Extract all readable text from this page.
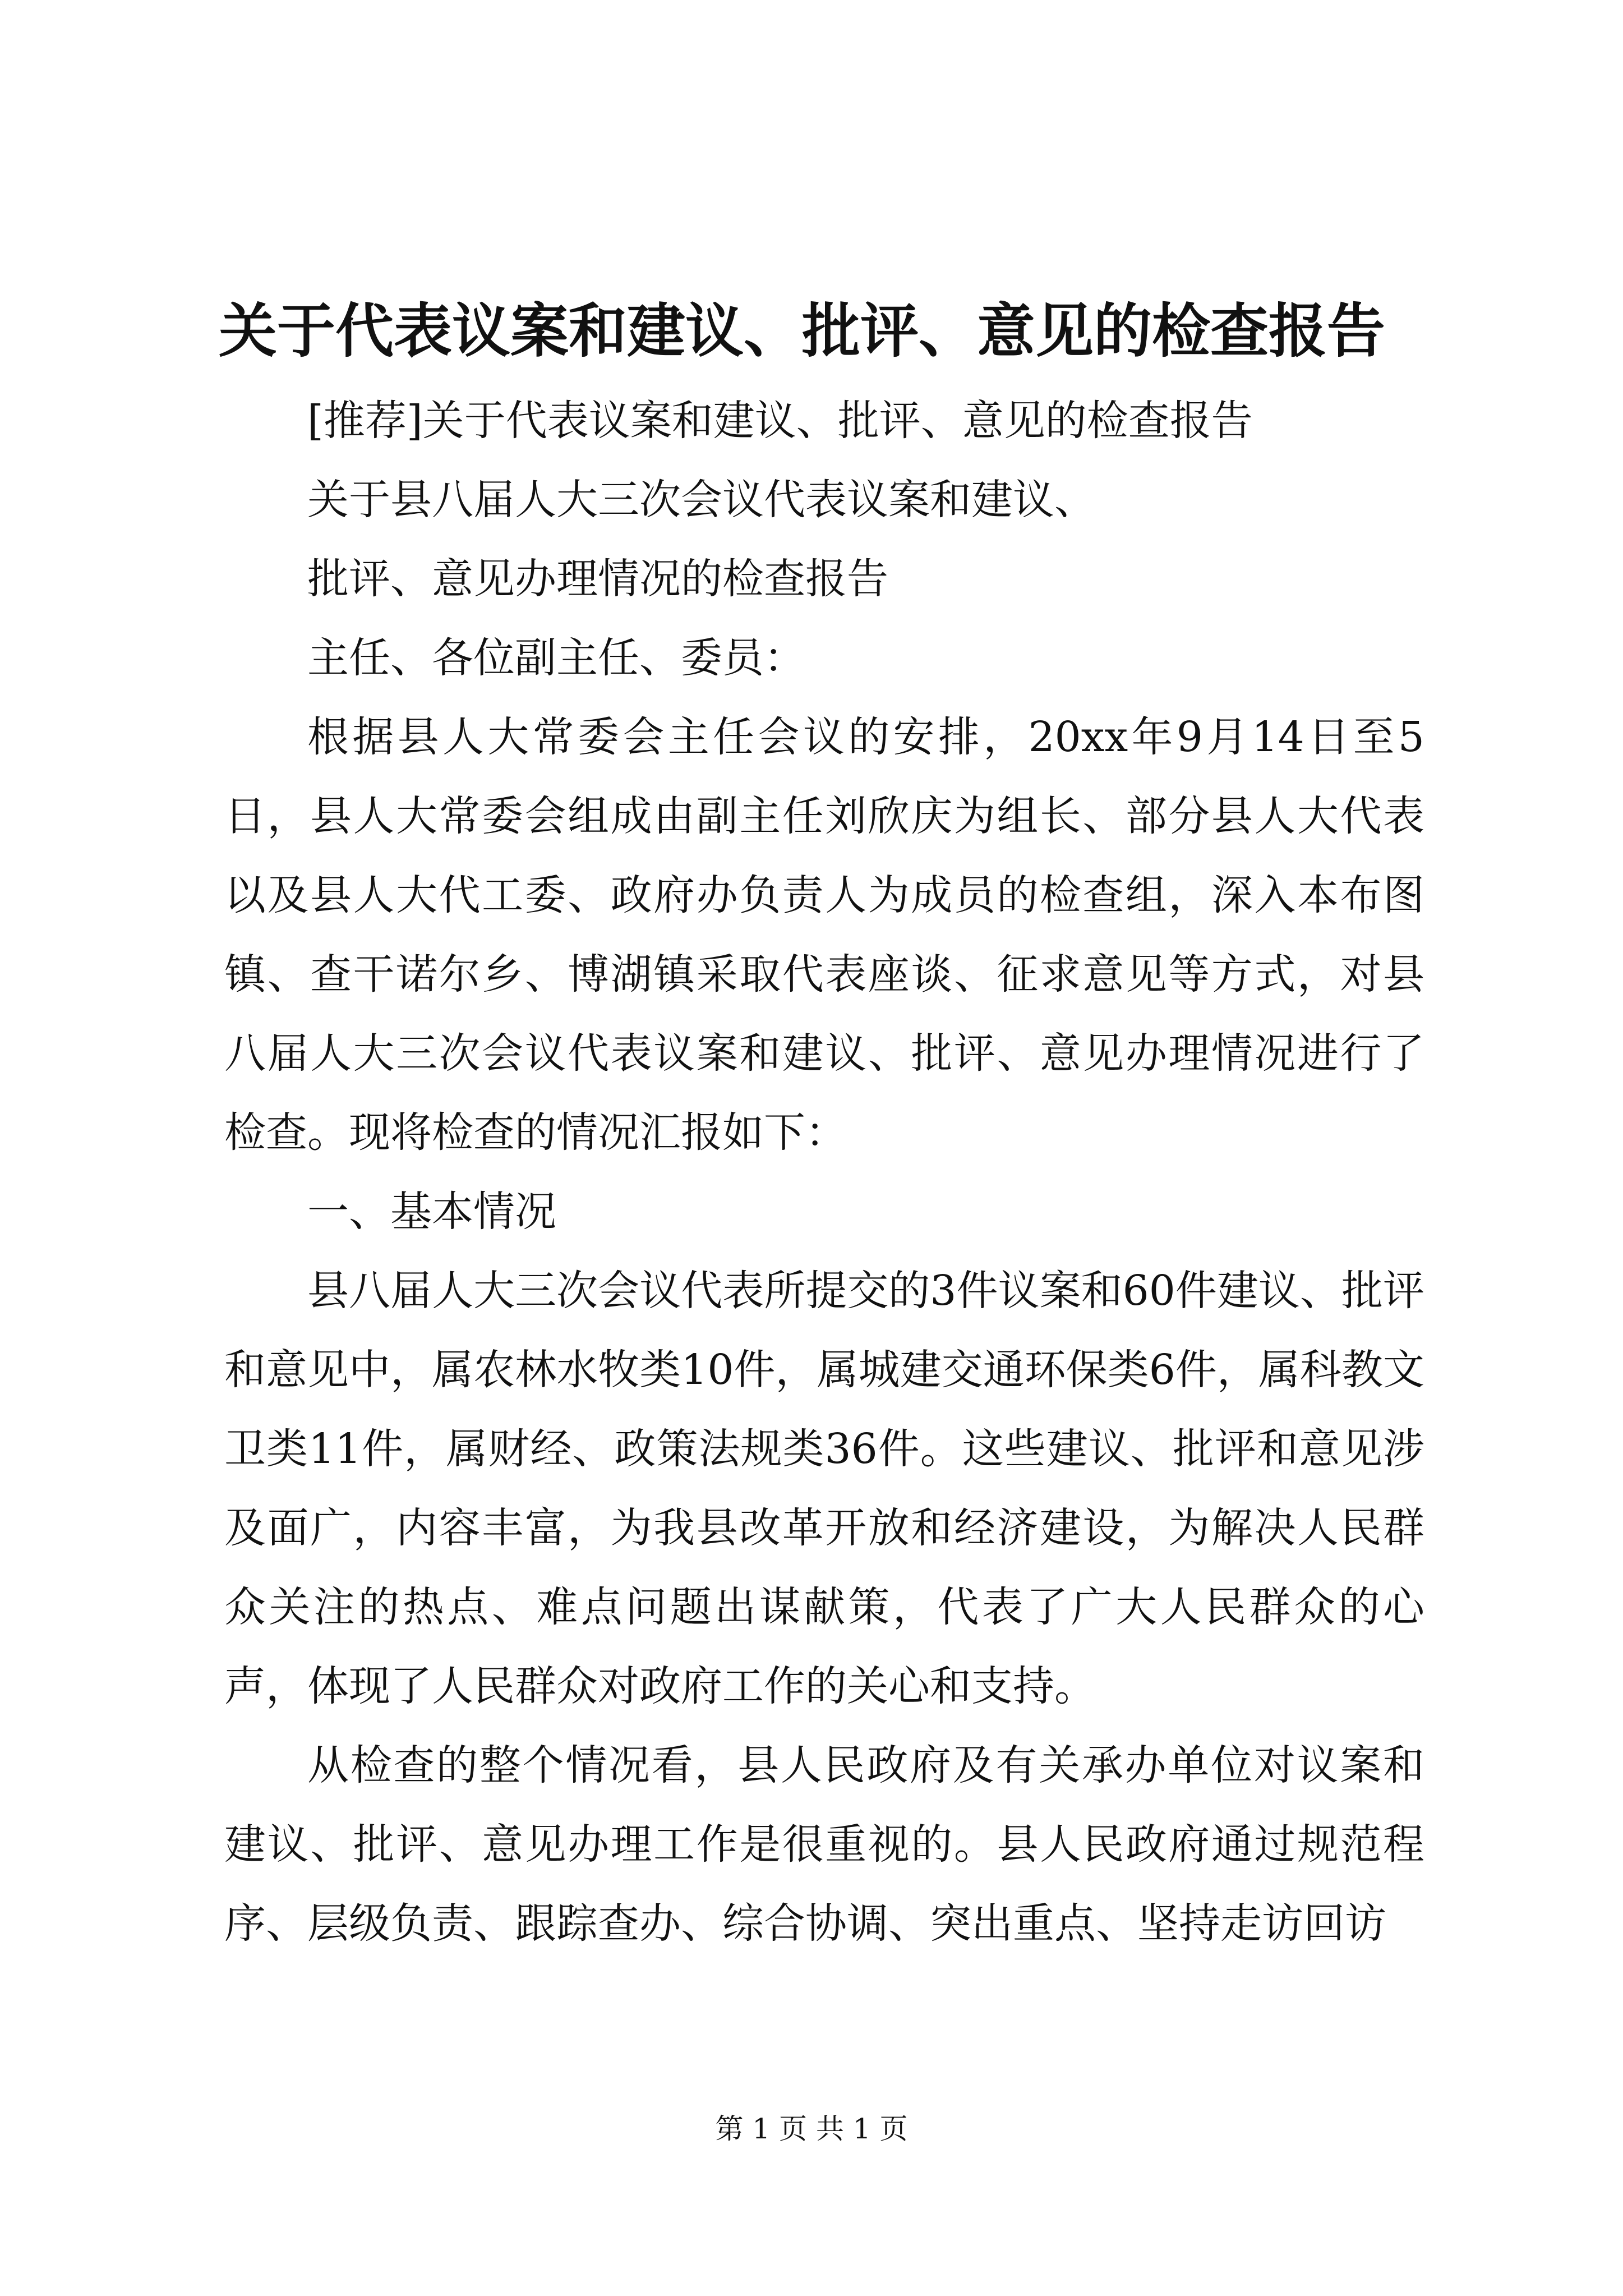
关于代表议案和建议、批评、意见的检查报告

[推荐]关于代表议案和建议、批评、意见的检查报告

关于县八届人大三次会议代表议案和建议、

批评、意见办理情况的检查报告

主任、各位副主任、委员：

根据县人大常委会主任会议的安排，20xx年9月14日至5日，县人大常委会组成由副主任刘欣庆为组长、部分县人大代表以及县人大代工委、政府办负责人为成员的检查组，深入本布图镇、查干诺尔乡、博湖镇采取代表座谈、征求意见等方式，对县八届人大三次会议代表议案和建议、批评、意见办理情况进行了检查。现将检查的情况汇报如下：

一、基本情况

县八届人大三次会议代表所提交的3件议案和60件建议、批评和意见中，属农林水牧类10件，属城建交通环保类6件，属科教文卫类11件，属财经、政策法规类36件。这些建议、批评和意见涉及面广，内容丰富，为我县改革开放和经济建设，为解决人民群众关注的热点、难点问题出谋献策，代表了广大人民群众的心声，体现了人民群众对政府工作的关心和支持。

从检查的整个情况看，县人民政府及有关承办单位对议案和建议、批评、意见办理工作是很重视的。县人民政府通过规范程序、层级负责、跟踪查办、综合协调、突出重点、坚持走访回访

第 1 页 共 1 页
